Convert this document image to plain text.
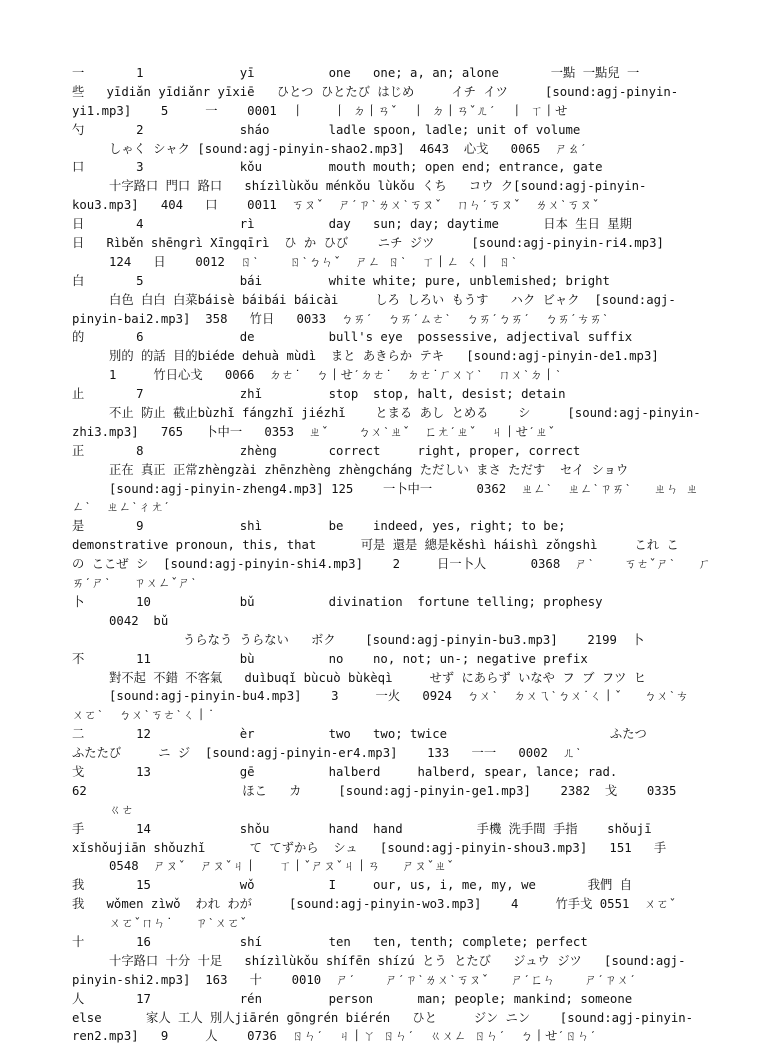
一       1             yī          one   one; a, an; alone       一點 一點兒 一
些   yīdiǎn yīdiǎnr yīxiē   ひとつ ひとたび はじめ     イチ イツ     [sound:agj-pinyin-
yi1.mp3]    5     一    0001  丨    丨 ㄉ丨ㄢˇ  丨 ㄉ丨ㄢˇㄦˊ  丨 ㄒ丨せ
勺       2             sháo        ladle spoon, ladle; unit of volume
しゃく シャク [sound:agj-pinyin-shao2.mp3]  4643  心戈   0065  ㄕㄠˊ
口       3             kǒu         mouth mouth; open end; entrance, gate
十字路口 門口 路口   shízìlùkǒu ménkǒu lùkǒu くち   コウ ク[sound:agj-pinyin-
kou3.mp3]   404   口    0011  ㄎㄡˇ  ㄕˊㄗˋㄌㄨˋㄎㄡˇ  ㄇㄣˊㄎㄡˇ  ㄌㄨˋㄎㄡˇ
日       4             rì          day   sun; day; daytime      日本 生日 星期
日   Rìběn shēngrì Xīngqīrì  ひ か ひび    ニチ ジツ     [sound:agj-pinyin-ri4.mp3]
124   日    0012  ㄖˋ    ㄖˋㄅㄣˇ  ㄕㄥ ㄖˋ  ㄒ丨ㄥ ㄑ丨 ㄖˋ
白       5             bái         white white; pure, unblemished; bright
白色 白白 白菜báisè báibái báicài     しろ しろい もうす   ハク ビャク  [sound:agj-
pinyin-bai2.mp3]  358   竹日   0033  ㄅㄞˊ  ㄅㄞˊㄙㄜˋ  ㄅㄞˊㄅㄞˊ  ㄅㄞˊㄘㄞˋ
的       6             de          bull's eye  possessive, adjectival suffix
別的 的話 目的biéde dehuà mùdì  まと あきらか テキ   [sound:agj-pinyin-de1.mp3]
1     竹日心戈   0066  ㄉㄜ˙  ㄅ丨せˊㄉㄜ˙  ㄉㄜ˙ㄏㄨㄚˋ  ㄇㄨˋㄉ丨ˋ
止       7             zhǐ         stop  stop, halt, desist; detain
不止 防止 截止bùzhǐ fángzhǐ jiézhǐ    とまる あし とめる    シ     [sound:agj-pinyin-
zhi3.mp3]   765   卜中一   0353  ㄓˇ    ㄅㄨˋㄓˇ  ㄈㄤˊㄓˇ  ㄐ丨せˊㄓˇ
正       8             zhèng       correct     right, proper, correct
正在 真正 正常zhèngzài zhēnzhèng zhèngcháng ただしい まさ ただす  セイ ショウ
[sound:agj-pinyin-zheng4.mp3] 125    一卜中一      0362  ㄓㄥˋ  ㄓㄥˋㄗㄞˋ   ㄓㄣ ㄓ
ㄥˋ  ㄓㄥˋㄔㄤˊ
是       9             shì         be    indeed, yes, right; to be;
demonstrative pronoun, this, that      可是 還是 總是kěshì háishì zǒngshì     これ こ
の ここぜ シ  [sound:agj-pinyin-shi4.mp3]    2     日一卜人      0368  ㄕˋ    ㄎㄜˇㄕˋ   ㄏ
ㄞˊㄕˋ   ㄗㄨㄥˇㄕˋ
卜       10            bǔ          divination  fortune telling; prophesy
0042  bǔ
うらなう うらない   ボク    [sound:agj-pinyin-bu3.mp3]    2199  卜
不       11            bù          no    no, not; un-; negative prefix
對不起 不錯 不客氣   duìbuqǐ bùcuò bùkèqì     せず にあらず いなや フ ブ フツ ヒ
[sound:agj-pinyin-bu4.mp3]    3     一火   0924  ㄅㄨˋ  ㄉㄨㄟˋㄅㄨ˙ㄑ丨ˇ   ㄅㄨˋㄘ
ㄨㄛˋ  ㄅㄨˋㄎㄜˋㄑ丨˙
二       12            èr          two   two; twice                      ふたつ
ふたたび     ニ ジ  [sound:agj-pinyin-er4.mp3]    133   一一   0002  ㄦˋ
戈       13            gē          halberd     halberd, spear, lance; rad.
62                     ほこ   カ     [sound:agj-pinyin-ge1.mp3]    2382  戈    0335
ㄍㄜ
手       14            shǒu        hand  hand          手機 洗手間 手指    shǒujī
xǐshǒujiān shǒuzhǐ      て てずから  シュ   [sound:agj-pinyin-shou3.mp3]   151   手
0548  ㄕㄡˇ  ㄕㄡˇㄐ丨   ㄒ丨ˇㄕㄡˇㄐ丨ㄢ   ㄕㄡˇㄓˇ
我       15            wǒ          I     our, us, i, me, my, we       我們 自
我   wǒmen zìwǒ  われ わが     [sound:agj-pinyin-wo3.mp3]    4     竹手戈 0551  ㄨㄛˇ
ㄨㄛˇㄇㄣ˙   ㄗˋㄨㄛˇ
十       16            shí         ten   ten, tenth; complete; perfect
十字路口 十分 十足   shízìlùkǒu shífēn shízú とう とたび   ジュウ ジツ   [sound:agj-
pinyin-shi2.mp3]  163   十    0010  ㄕˊ    ㄕˊㄗˋㄌㄨˋㄎㄡˇ   ㄕˊㄈㄣ    ㄕˊㄗㄨˊ
人       17            rén         person      man; people; mankind; someone
else      家人 工人 別人jiārén gōngrén biérén   ひと     ジン ニン    [sound:agj-pinyin-
ren2.mp3]   9     人    0736  ㄖㄣˊ  ㄐ丨ㄚ ㄖㄣˊ  ㄍㄨㄥ ㄖㄣˊ  ㄅ丨せˊㄖㄣˊ
